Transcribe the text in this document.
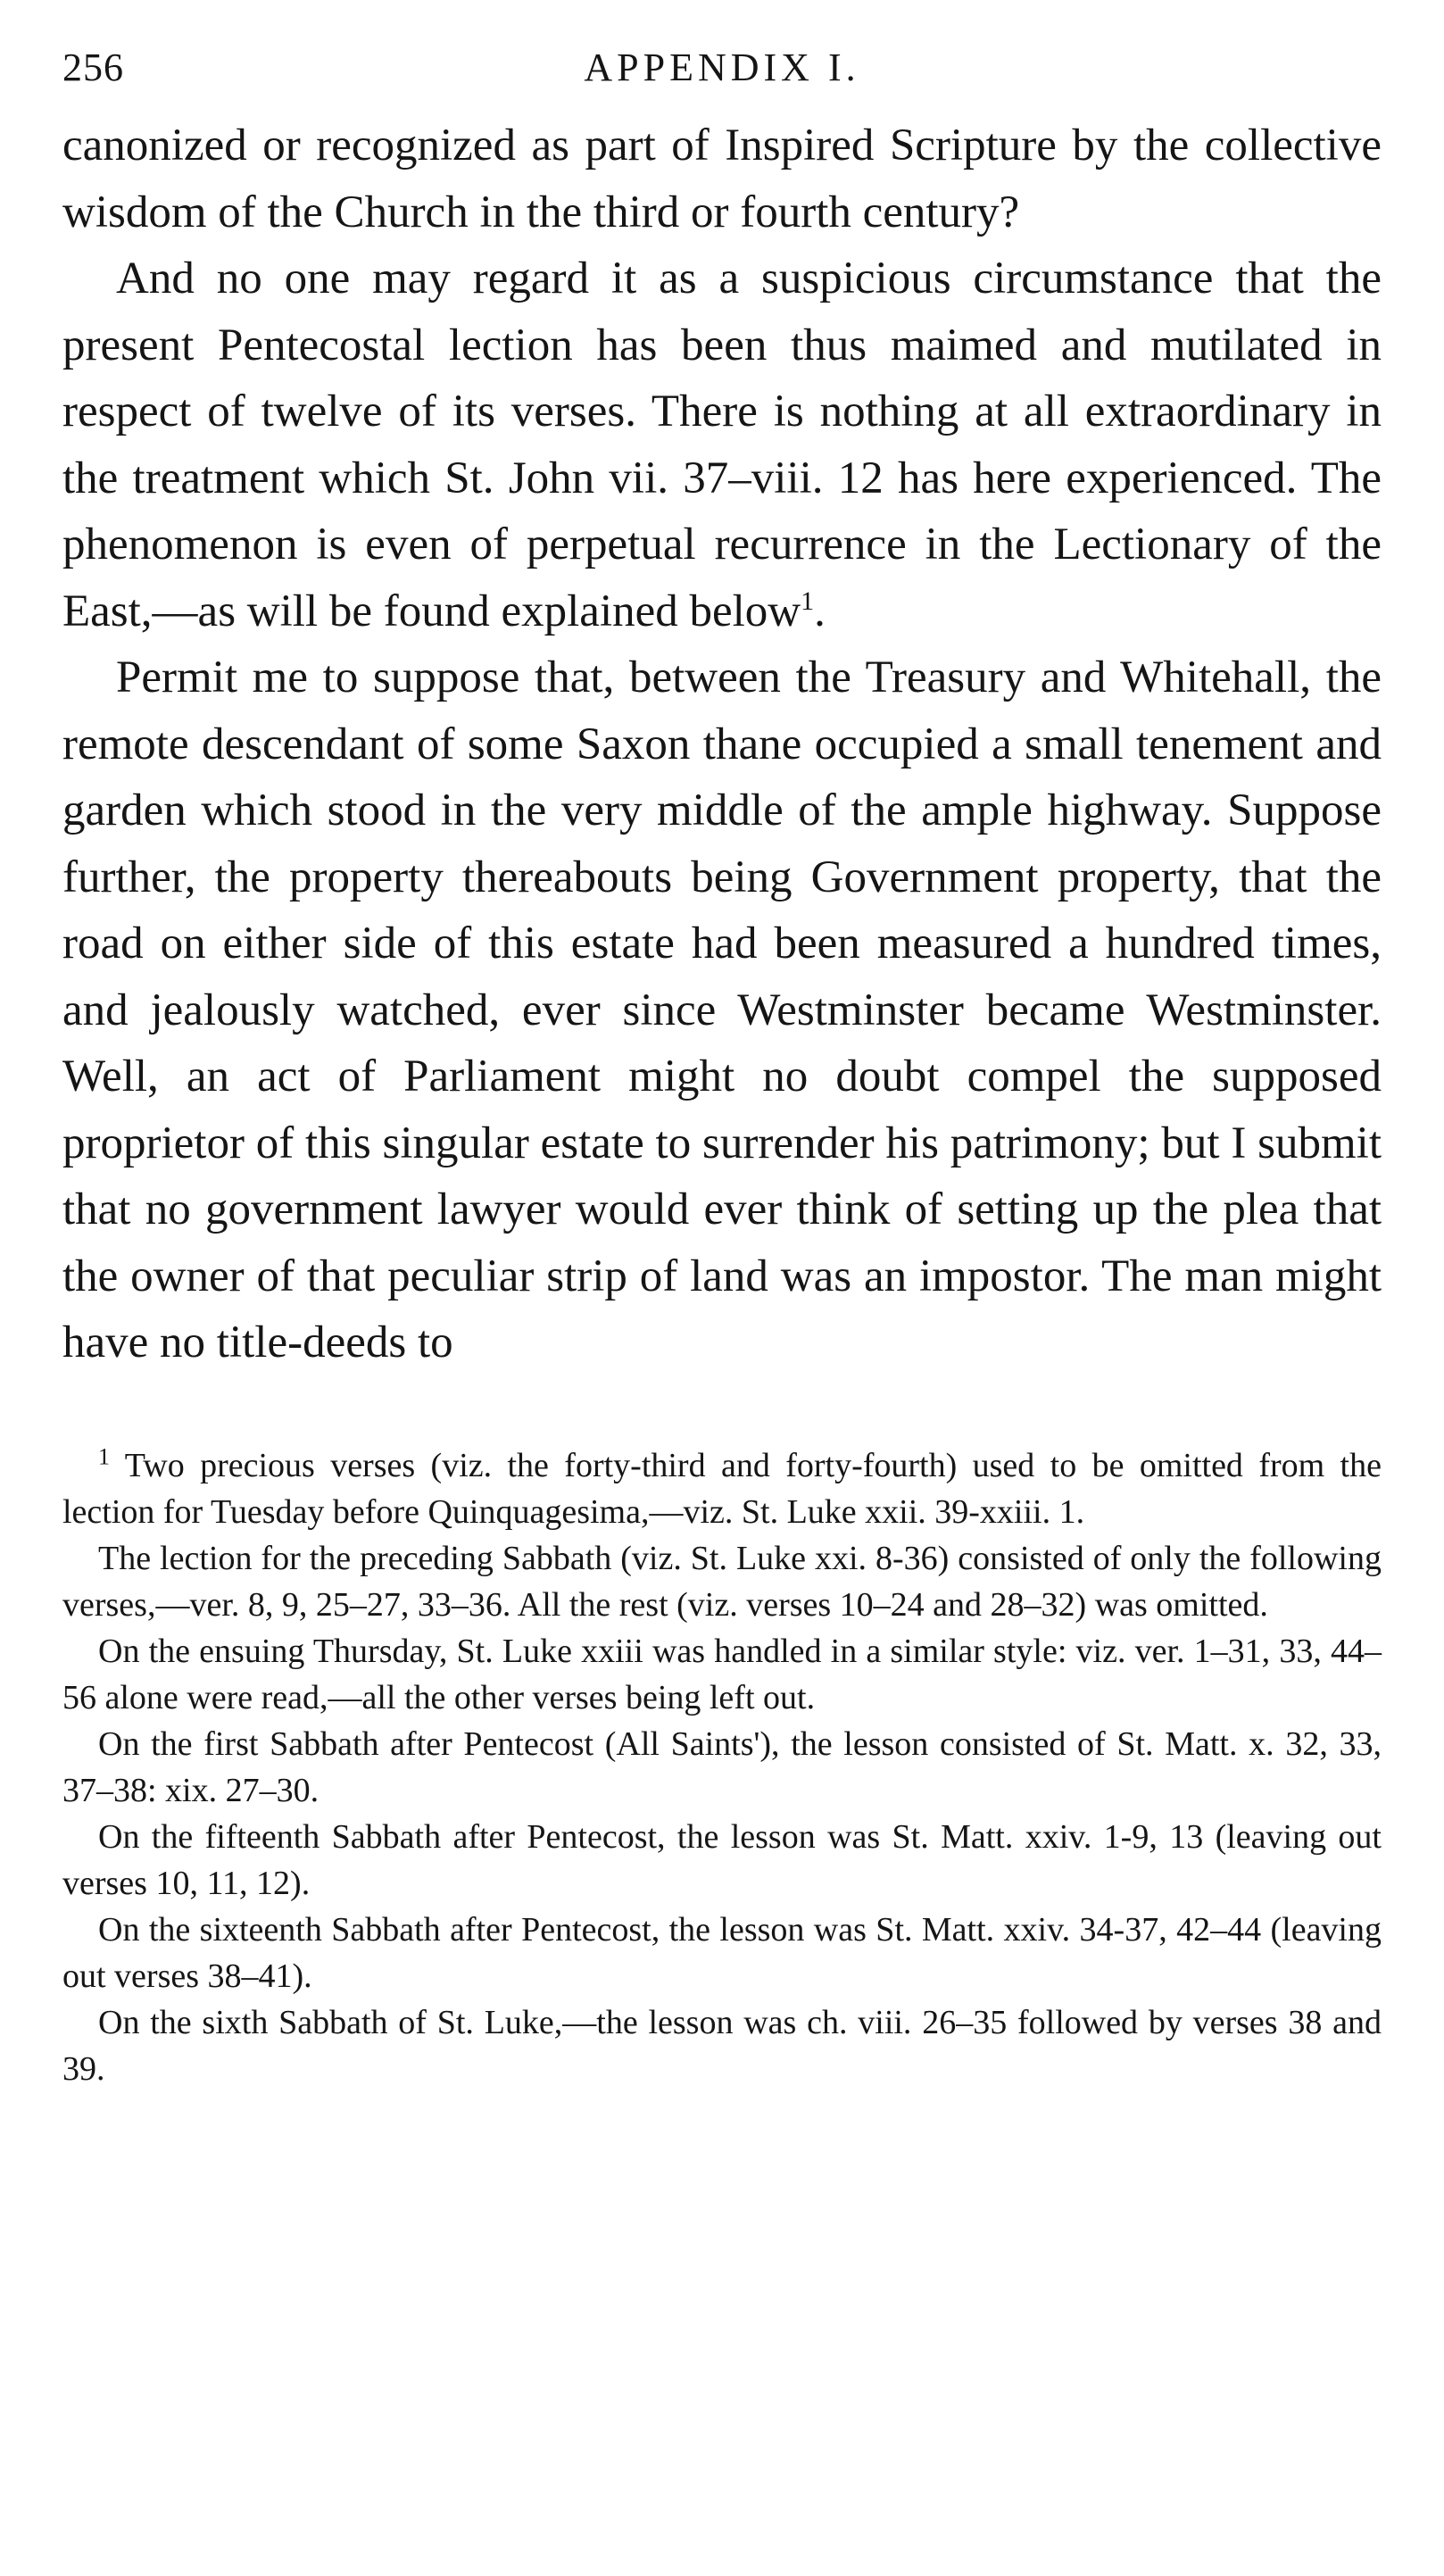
256	APPENDIX I.

canonized or recognized as part of Inspired Scripture by the collective wisdom of the Church in the third or fourth century?

And no one may regard it as a suspicious circumstance that the present Pentecostal lection has been thus maimed and mutilated in respect of twelve of its verses. There is nothing at all extraordinary in the treatment which St. John vii. 37–viii. 12 has here experienced. The phenomenon is even of perpetual recurrence in the Lectionary of the East,—as will be found explained below$^1$.

Permit me to suppose that, between the Treasury and Whitehall, the remote descendant of some Saxon thane occupied a small tenement and garden which stood in the very middle of the ample highway. Suppose further, the property thereabouts being Government property, that the road on either side of this estate had been measured a hundred times, and jealously watched, ever since Westminster became Westminster. Well, an act of Parliament might no doubt compel the supposed proprietor of this singular estate to surrender his patrimony; but I submit that no government lawyer would ever think of setting up the plea that the owner of that peculiar strip of land was an impostor. The man might have no title-deeds to

$^1$ Two precious verses (viz. the forty-third and forty-fourth) used to be omitted from the lection for Tuesday before Quinquagesima,—viz. St. Luke xxii. 39-xxiii. 1.

The lection for the preceding Sabbath (viz. St. Luke xxi. 8-36) consisted of only the following verses,—ver. 8, 9, 25–27, 33–36. All the rest (viz. verses 10–24 and 28–32) was omitted.

On the ensuing Thursday, St. Luke xxiii was handled in a similar style: viz. ver. 1–31, 33, 44–56 alone were read,—all the other verses being left out.

On the first Sabbath after Pentecost (All Saints'), the lesson consisted of St. Matt. x. 32, 33, 37–38: xix. 27–30.

On the fifteenth Sabbath after Pentecost, the lesson was St. Matt. xxiv. 1-9, 13 (leaving out verses 10, 11, 12).

On the sixteenth Sabbath after Pentecost, the lesson was St. Matt. xxiv. 34-37, 42–44 (leaving out verses 38–41).

On the sixth Sabbath of St. Luke,—the lesson was ch. viii. 26–35 followed by verses 38 and 39.
